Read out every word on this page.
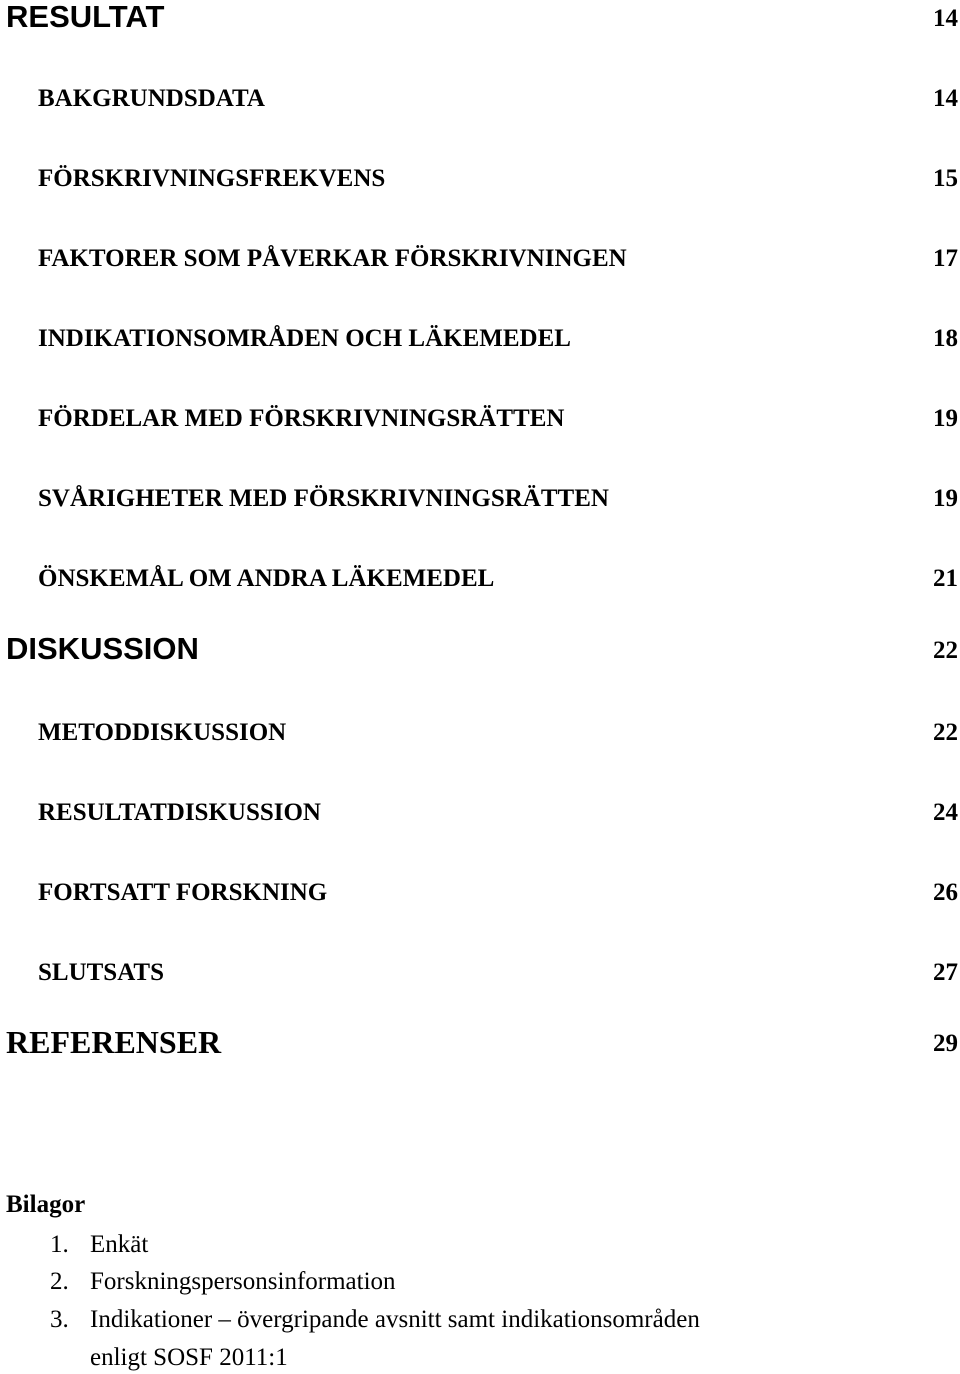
RESULTAT	14
BAKGRUNDSDATA	14
FÖRSKRIVNINGSFREKVENS	15
FAKTORER SOM PÅVERKAR FÖRSKRIVNINGEN	17
INDIKATIONSOMRÅDEN OCH LÄKEMEDEL	18
FÖRDELAR MED FÖRSKRIVNINGSRÄTTEN	19
SVÅRIGHETER MED FÖRSKRIVNINGSRÄTTEN	19
ÖNSKEMÅL OM ANDRA LÄKEMEDEL	21
DISKUSSION	22
METODDISKUSSION	22
RESULTATDISKUSSION	24
FORTSATT FORSKNING	26
SLUTSATS	27
REFERENSER	29
Bilagor
1. Enkät
2. Forskningspersonsinformation
3. Indikationer – övergripande avsnitt samt indikationsområden
enligt SOSF 2011:1
